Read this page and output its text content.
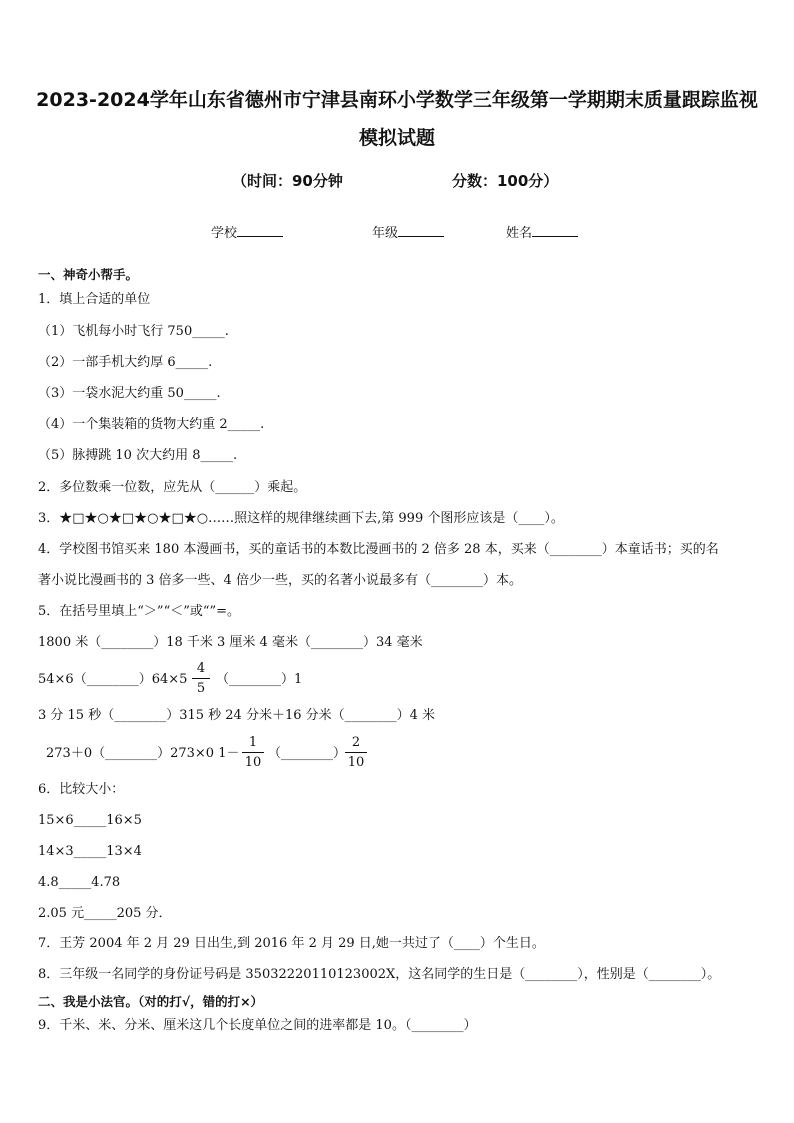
2023-2024学年山东省德州市宁津县南环小学数学三年级第一学期期末质量跟踪监视
模拟试题
（时间：90分钟	分数：100分）
学校	年级	姓名
一、神奇小帮手。
1．填上合适的单位
（1）飞机每小时飞行 750_____.
（2）一部手机大约厚 6_____.
（3）一袋水泥大约重 50_____.
（4）一个集装箱的货物大约重 2_____.
（5）脉搏跳 10 次大约用 8_____.
2．多位数乘一位数，应先从（______）乘起。
3．★□★○★□★○★□★○……照这样的规律继续画下去,第 999 个图形应该是（____）。
4．学校图书馆买来 180 本漫画书，买的童话书的本数比漫画书的 2 倍多 28 本，买来（________）本童话书；买的名
著小说比漫画书的 3 倍多一些、4 倍少一些，买的名著小说最多有（________）本。
5．在括号里填上“＞”“＜”或“”=。
1800 米（________）18 千米 3 厘米 4 毫米（________）34 毫米
54×6（________）64×5
4
5
（________）1
3 分 15 秒（________）315 秒 24 分米＋16 分米（________）4 米
273＋0（________）273×0 1－
1
10
（________）
2
10
6．比较大小：
15×6_____16×5
14×3_____13×4
4.8_____4.78
2.05 元_____205 分．
7．王芳 2004 年 2 月 29 日出生,到 2016 年 2 月 29 日,她一共过了（____）个生日。
8．三年级一名同学的身份证号码是 35032220110123002X，这名同学的生日是（________），性别是（________）。
二、我是小法官。（对的打√，错的打×）
9．千米、米、分米、厘米这几个长度单位之间的进率都是 10。（________）
